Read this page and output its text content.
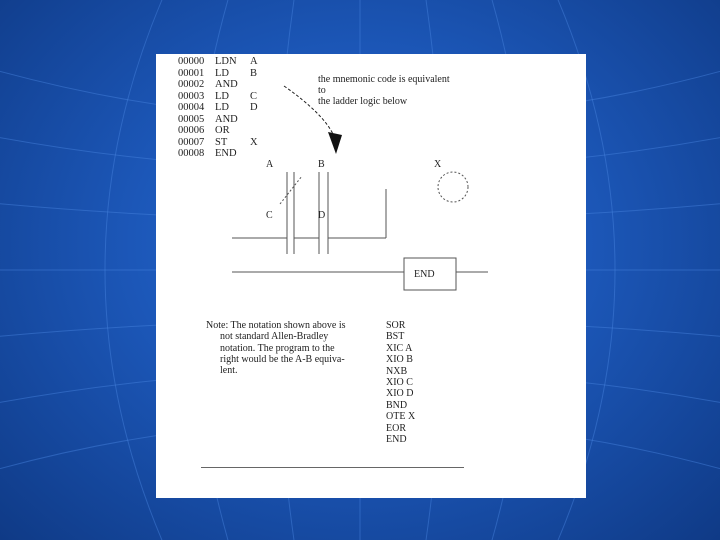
00000	LDN	A
00001	LD	B
00002	AND
00003	LD	C
00004	LD	D
00005	AND
00006	OR
00007	ST	X
00008	END
the mnemonic code is equivalent to
the ladder logic below
A	B	X
C	D
END
Note: The notation shown above is
not standard Allen-Bradley
notation. The program to the
right would be the A-B equiva-
lent.
SOR
BST
XIC A
XIO B
NXB
XIO C
XIO D
BND
OTE X
EOR
END
